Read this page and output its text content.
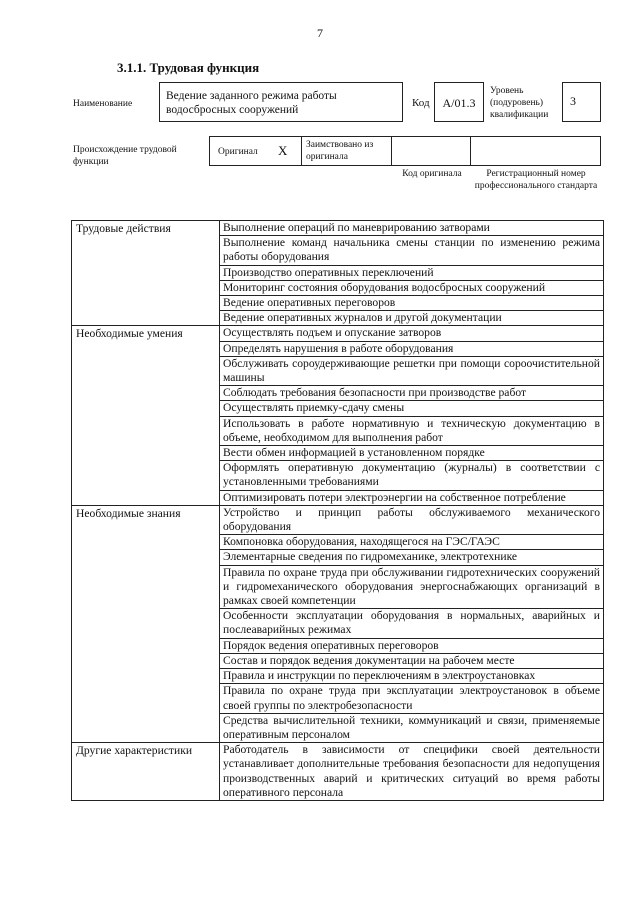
7
3.1.1. Трудовая функция
Наименование
Ведение заданного режима работы водосбросных сооружений
Код	A/01.3
Уровень (подуровень) квалификации
3
Происхождение трудовой функции
Оригинал X Заимствовано из оригинала
Код оригинала	Регистрационный номер профессионального стандарта
Трудовые действия	Выполнение операций по маневрированию затворами
	Выполнение команд начальника смены станции по изменению режима работы оборудования
	Производство оперативных переключений
	Мониторинг состояния оборудования водосбросных сооружений
	Ведение оперативных переговоров
	Ведение оперативных журналов и другой документации
Необходимые умения	Осуществлять подъем и опускание затворов
	Определять нарушения в работе оборудования
	Обслуживать сороудерживающие решетки при помощи сороочистительной машины
	Соблюдать требования безопасности при производстве работ
	Осуществлять приемку-сдачу смены
	Использовать в работе нормативную и техническую документацию в объеме, необходимом для выполнения работ
	Вести обмен информацией в установленном порядке
	Оформлять оперативную документацию (журналы) в соответствии с установленными требованиями
	Оптимизировать потери электроэнергии на собственное потребление
Необходимые знания	Устройство и принцип работы обслуживаемого механического оборудования
	Компоновка оборудования, находящегося на ГЭС/ГАЭС
	Элементарные сведения по гидромеханике, электротехнике
	Правила по охране труда при обслуживании гидротехнических сооружений и гидромеханического оборудования энергоснабжающих организаций в рамках своей компетенции
	Особенности эксплуатации оборудования в нормальных, аварийных и послеаварийных режимах
	Порядок ведения оперативных переговоров
	Состав и порядок ведения документации на рабочем месте
	Правила и инструкции по переключениям в электроустановках
	Правила по охране труда при эксплуатации электроустановок в объеме своей группы по электробезопасности
	Средства вычислительной техники, коммуникаций и связи, применяемые оперативным персоналом
Другие характеристики	Работодатель в зависимости от специфики своей деятельности устанавливает дополнительные требования безопасности для недопущения производственных аварий и критических ситуаций во время работы оперативного персонала
